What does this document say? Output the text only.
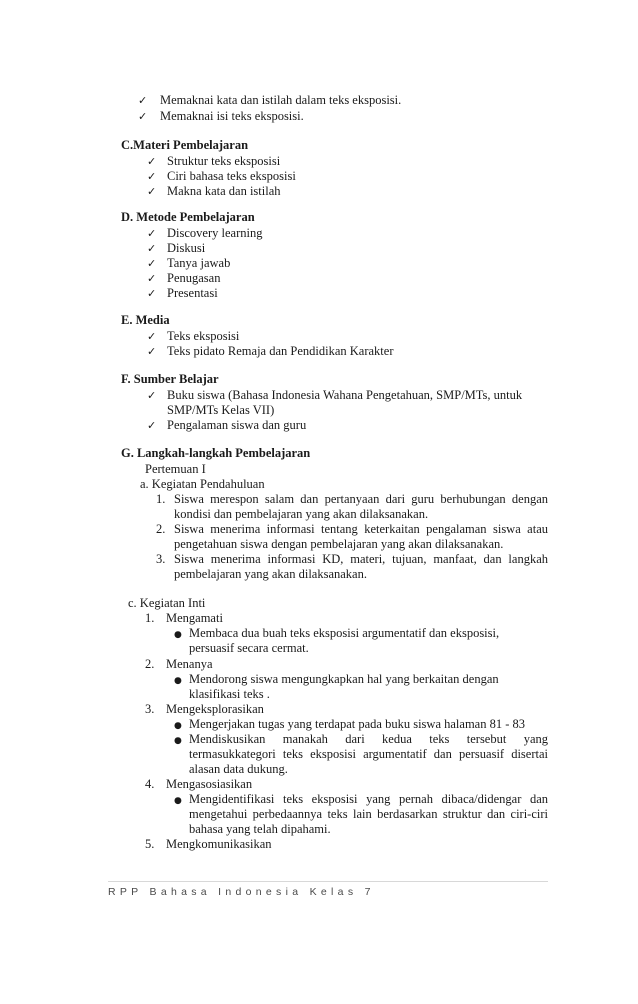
✓ Memaknai kata dan istilah dalam teks eksposisi.
✓ Memaknai isi teks eksposisi.
C.Materi Pembelajaran
✓ Struktur teks eksposisi
✓ Ciri bahasa teks eksposisi
✓ Makna kata dan istilah
D. Metode Pembelajaran
✓ Discovery learning
✓ Diskusi
✓ Tanya jawab
✓ Penugasan
✓ Presentasi
E. Media
✓ Teks eksposisi
✓ Teks pidato Remaja dan Pendidikan Karakter
F. Sumber Belajar
✓ Buku siswa (Bahasa Indonesia Wahana Pengetahuan, SMP/MTs, untuk
SMP/MTs Kelas VII)
✓ Pengalaman siswa dan guru
G. Langkah-langkah Pembelajaran
Pertemuan I
a. Kegiatan Pendahuluan
1. Siswa merespon salam dan pertanyaan dari guru berhubungan dengan
kondisi dan pembelajaran yang akan dilaksanakan.
2. Siswa menerima informasi tentang keterkaitan pengalaman siswa atau
pengetahuan siswa dengan pembelajaran yang akan dilaksanakan.
3. Siswa menerima informasi KD, materi, tujuan, manfaat, dan langkah
pembelajaran yang akan dilaksanakan.
c. Kegiatan Inti
1. Mengamati
● Membaca dua buah teks eksposisi argumentatif dan eksposisi,
persuasif secara cermat.
2. Menanya
● Mendorong siswa mengungkapkan hal yang berkaitan dengan
klasifikasi teks .
3. Mengeksplorasikan
● Mengerjakan tugas yang terdapat pada buku siswa halaman 81 - 83
● Mendiskusikan manakah dari kedua teks tersebut yang
termasukkategori teks eksposisi argumentatif dan persuasif disertai
alasan data dukung.
4. Mengasosiasikan
● Mengidentifikasi teks eksposisi yang pernah dibaca/didengar dan
mengetahui perbedaannya teks lain berdasarkan struktur dan ciri-ciri
bahasa yang telah dipahami.
5. Mengkomunikasikan
RPP Bahasa Indonesia Kelas 7
